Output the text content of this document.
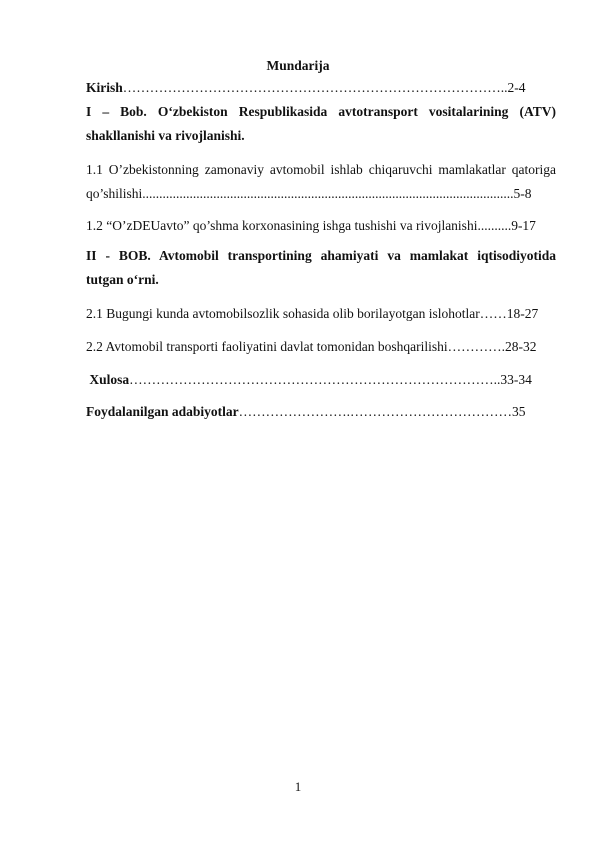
Mundarija
Kirish…………………………………………………………………………..2-4
I – Bob. O‘zbekiston Respublikasida avtotransport vositalarining (ATV)
shakllanishi va rivojlanishi.
1.1 O’zbekistonning zamonaviy avtomobil ishlab chiqaruvchi mamlakatlar qatoriga
qo’shilishi..............................................................................................................5-8
1.2 “O’zDEUavto” qo’shma korxonasining ishga tushishi va rivojlanishi..........9-17
II - BOB. Avtomobil transportining ahamiyati va mamlakat iqtisodiyotida
tutgan o‘rni.
2.1 Bugungi kunda avtomobilsozlik sohasida olib borilayotgan islohotlar……18-27
2.2 Avtomobil transporti faoliyatini davlat tomonidan boshqarilishi………….28-32
Xulosa………………………………………………………………………..33-34
Foydalanilgan adabiyotlar…………………….………………………………35
1
